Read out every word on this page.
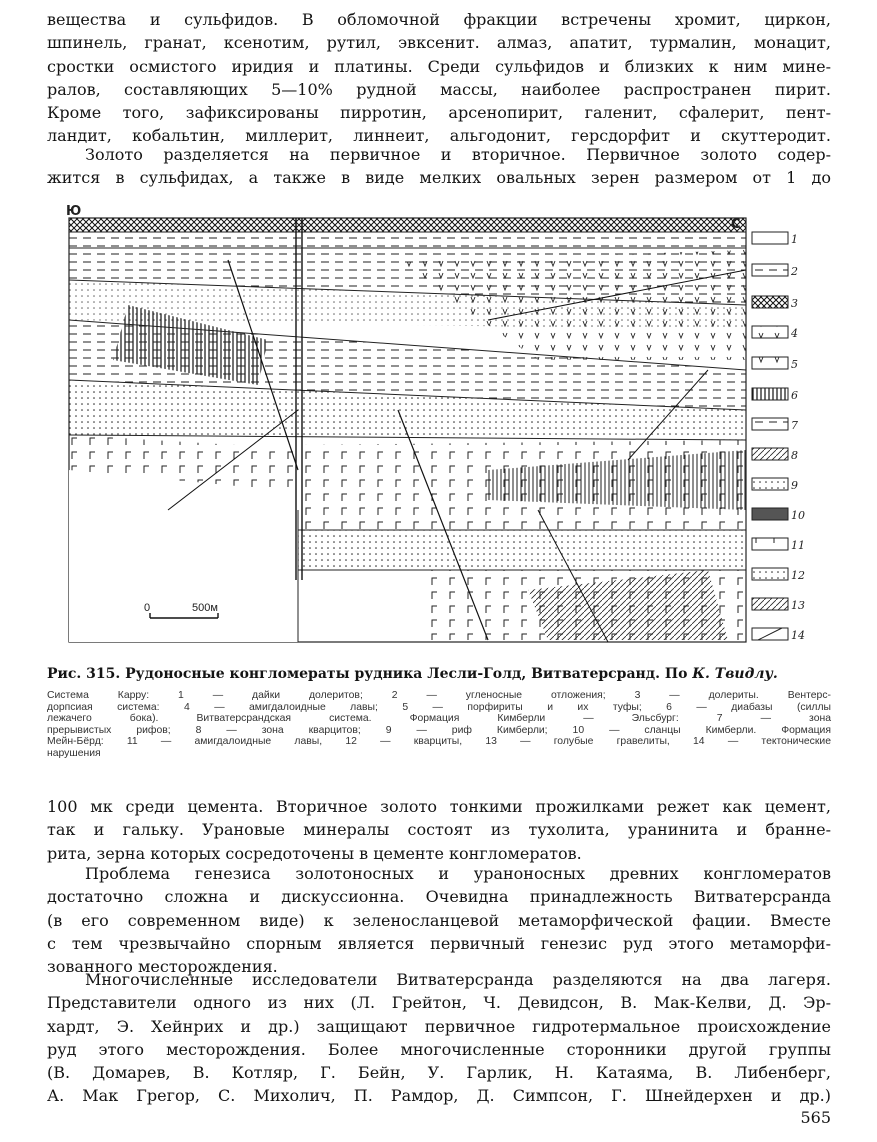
вещества и сульфидов. В обломочной фракции встречены хромит, циркон,
шпинель, гранат, ксенотим, рутил, эвксенит. алмаз, апатит, турмалин, монацит,
сростки осмистого иридия и платины. Среди сульфидов и близких к ним мине-
ралов, составляющих 5—10% рудной массы, наиболее распространен пирит.
Кроме того, зафиксированы пирротин, арсенопирит, галенит, сфалерит, пент-
ландит, кобальтин, миллерит, линнеит, альгодонит, герсдорфит и скуттеродит.
Золото разделяется на первичное и вторичное. Первичное золото содер-
жится в сульфидах, а также в виде мелких овальных зерен размером от 1 до
Ю
С
0	500м
1
2
3
4
5
6
7
8
9
10
11
12
13
14
Рис. 315. Рудоносные конгломераты рудника Лесли-Голд, Витватерсранд. По К. Твидлу.
Система Карру: 1 — дайки долеритов; 2 — угленосные отложения; 3 — долериты. Вентерс-
дорпсиая система: 4 — амигдалоидные лавы; 5 — порфириты и их туфы; 6 — диабазы (силлы
лежачего бока). Витватерсрандская система. Формация Кимберли — Эльсбург: 7 — зона
прерывистых рифов; 8 — зона кварцитов; 9 — риф Кимберли; 10 — сланцы Кимберли. Формация
Мейн-Бёрд: 11 — амигдалоидные лавы, 12 — кварциты, 13 — голубые гравелиты, 14 — тектонические
нарушения
100 мк среди цемента. Вторичное золото тонкими прожилками режет как цемент,
так и гальку. Урановые минералы состоят из тухолита, уранинита и бранне-
рита, зерна которых сосредоточены в цементе конгломератов.
Проблема генезиса золотоносных и ураноносных древних конгломератов
достаточно сложна и дискуссионна. Очевидна принадлежность Витватерсранда
(в его современном виде) к зеленосланцевой метаморфической фации. Вместе
с тем чрезвычайно спорным является первичный генезис руд этого метаморфи-
зованного месторождения.
Многочисленные исследователи Витватерсранда разделяются на два лагеря.
Представители одного из них (Л. Грейтон, Ч. Девидсон, В. Мак-Келви, Д. Эр-
хардт, Э. Хейнрих и др.) защищают первичное гидротермальное происхождение
руд этого месторождения. Более многочисленные сторонники другой группы
(В. Домарев, В. Котляр, Г. Бейн, У. Гарлик, Н. Катаяма, В. Либенберг,
А. Мак Грегор, С. Михолич, П. Рамдор, Д. Симпсон, Г. Шнейдерхен и др.)
565
